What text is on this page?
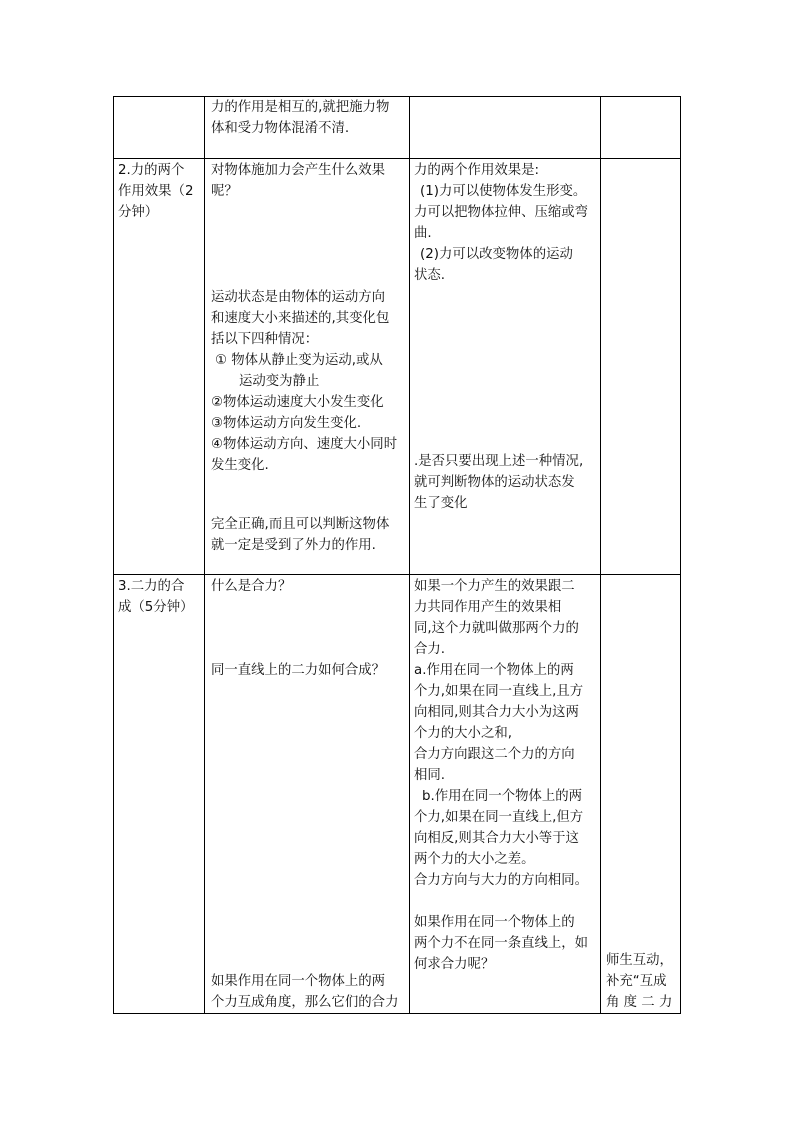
力的作用是相互的,就把施力物

体和受力物体混淆不清.

2.力的两个

作用效果（2

分钟）

对物体施加力会产生什么效果

呢？

运动状态是由物体的运动方向

和速度大小来描述的,其变化包

括以下四种情况：

① 物体从静止变为运动,或从

运动变为静止

②物体运动速度大小发生变化

③物体运动方向发生变化.

④物体运动方向、速度大小同时

发生变化.

完全正确,而且可以判断这物体

就一定是受到了外力的作用.

力的两个作用效果是:

(1)力可以使物体发生形变。

力可以把物体拉伸、压缩或弯

曲.

(2)力可以改变物体的运动

状态.

.是否只要出现上述一种情况,

就可判断物体的运动状态发

生了变化

3.二力的合

成（5分钟）

什么是合力？

同一直线上的二力如何合成？

如果作用在同一个物体上的两

个力互成角度，那么它们的合力

如果一个力产生的效果跟二

力共同作用产生的效果相

同,这个力就叫做那两个力的

合力.

a.作用在同一个物体上的两

个力,如果在同一直线上,且方

向相同,则其合力大小为这两

个力的大小之和,

合力方向跟这二个力的方向

相同.

b.作用在同一个物体上的两

个力,如果在同一直线上,但方

向相反,则其合力大小等于这

两个力的大小之差。

合力方向与大力的方向相同。

如果作用在同一个物体上的

两个力不在同一条直线上，如

何求合力呢？	师生互动，

补充“互成

角 度 二 力
